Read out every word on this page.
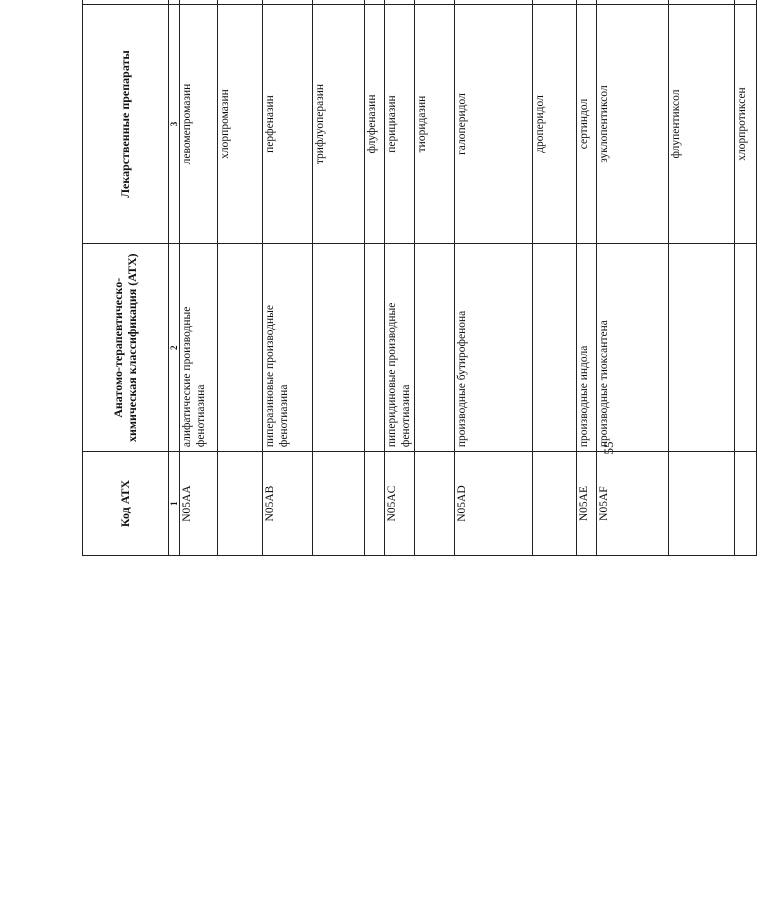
55
Код АТХ	Анатомо-терапевтическо-химическая классификация (АТХ)	Лекарственные препараты	
1	2	3	
N05AA	алифатические производные фенотиазина	левомепромазин	
		хлорпромазин	
N05AB	пиперазиновые производные фенотиазина	перфеназин	
		трифлуоперазин	
		флуфеназин	
N05AC	пиперидиновые производные фенотиазина	перициазин	
		тиоридазин	
N05AD	производные бутирофенона	галоперидол	
		дроперидол	
N05AE	производные индола	сертиндол	
N05AF	производные тиоксантена	зуклопентиксол	
		флупентиксол	
		хлорпротиксен	
